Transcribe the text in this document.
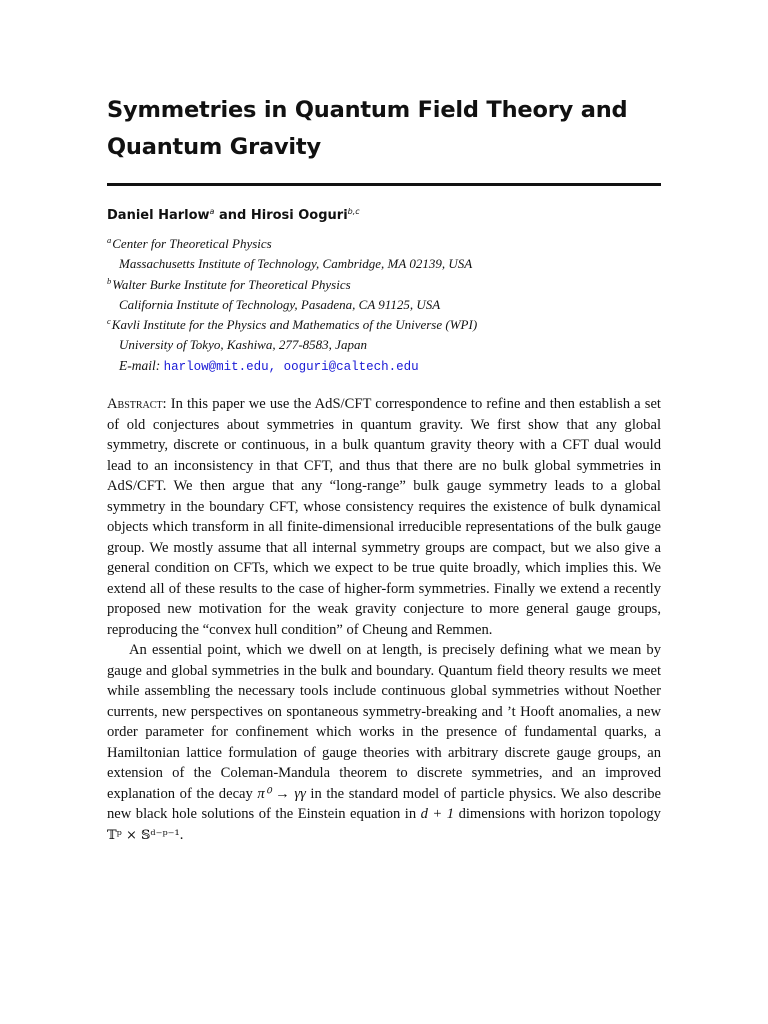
Symmetries in Quantum Field Theory and Quantum Gravity
Daniel Harlow$^a$ and Hirosi Ooguri$^{b,c}$
$^a$Center for Theoretical Physics
Massachusetts Institute of Technology, Cambridge, MA 02139, USA
$^b$Walter Burke Institute for Theoretical Physics
California Institute of Technology, Pasadena, CA 91125, USA
$^c$Kavli Institute for the Physics and Mathematics of the Universe (WPI)
University of Tokyo, Kashiwa, 277-8583, Japan
E-mail: harlow@mit.edu, ooguri@caltech.edu

Abstract: In this paper we use the AdS/CFT correspondence to refine and then establish a set of old conjectures about symmetries in quantum gravity. We first show that any global symmetry, discrete or continuous, in a bulk quantum gravity theory with a CFT dual would lead to an inconsistency in that CFT, and thus that there are no bulk global symmetries in AdS/CFT. We then argue that any “long-range” bulk gauge symmetry leads to a global symmetry in the boundary CFT, whose consistency requires the existence of bulk dynamical objects which transform in all finite-dimensional irreducible representations of the bulk gauge group. We mostly assume that all internal symmetry groups are compact, but we also give a general condition on CFTs, which we expect to be true quite broadly, which implies this. We extend all of these results to the case of higher-form symmetries. Finally we extend a recently proposed new motivation for the weak gravity conjecture to more general gauge groups, reproducing the “convex hull condition” of Cheung and Remmen.

An essential point, which we dwell on at length, is precisely defining what we mean by gauge and global symmetries in the bulk and boundary. Quantum field theory results we meet while assembling the necessary tools include continuous global symmetries without Noether currents, new perspectives on spontaneous symmetry-breaking and ’t Hooft anomalies, a new order parameter for confinement which works in the presence of fundamental quarks, a Hamiltonian lattice formulation of gauge theories with arbitrary discrete gauge groups, an extension of the Coleman-Mandula theorem to discrete symmetries, and an improved explanation of the decay π⁰ → γγ in the standard model of particle physics. We also describe new black hole solutions of the Einstein equation in d + 1 dimensions with horizon topology 𝕋ᵖ × 𝕊ᵈ⁻ᵖ⁻¹.
